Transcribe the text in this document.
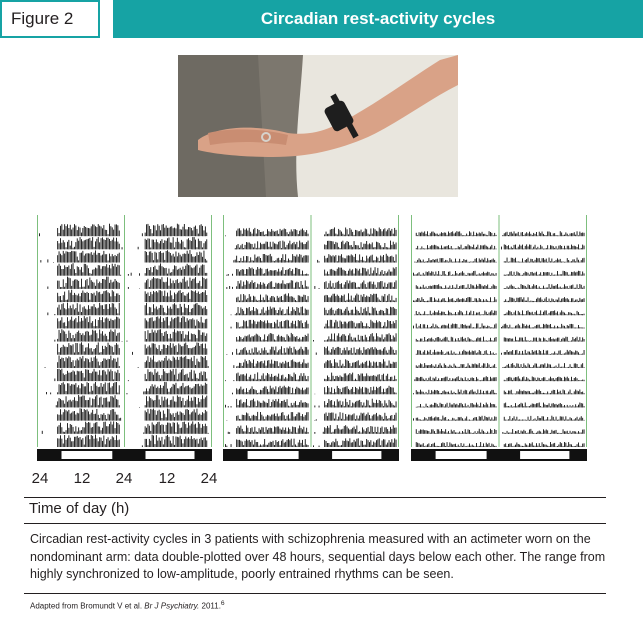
Figure 2	Circadian rest-activity cycles
24 12 24 12 24
Time of day (h)
Circadian rest-activity cycles in 3 patients with schizophrenia measured with an actimeter worn on the nondominant arm: data double-plotted over 48 hours, sequential days below each other. The range from highly synchronized to low-amplitude, poorly entrained rhythms can be seen.
Adapted from Bromundt V et al. Br J Psychiatry. 2011.$^6$
